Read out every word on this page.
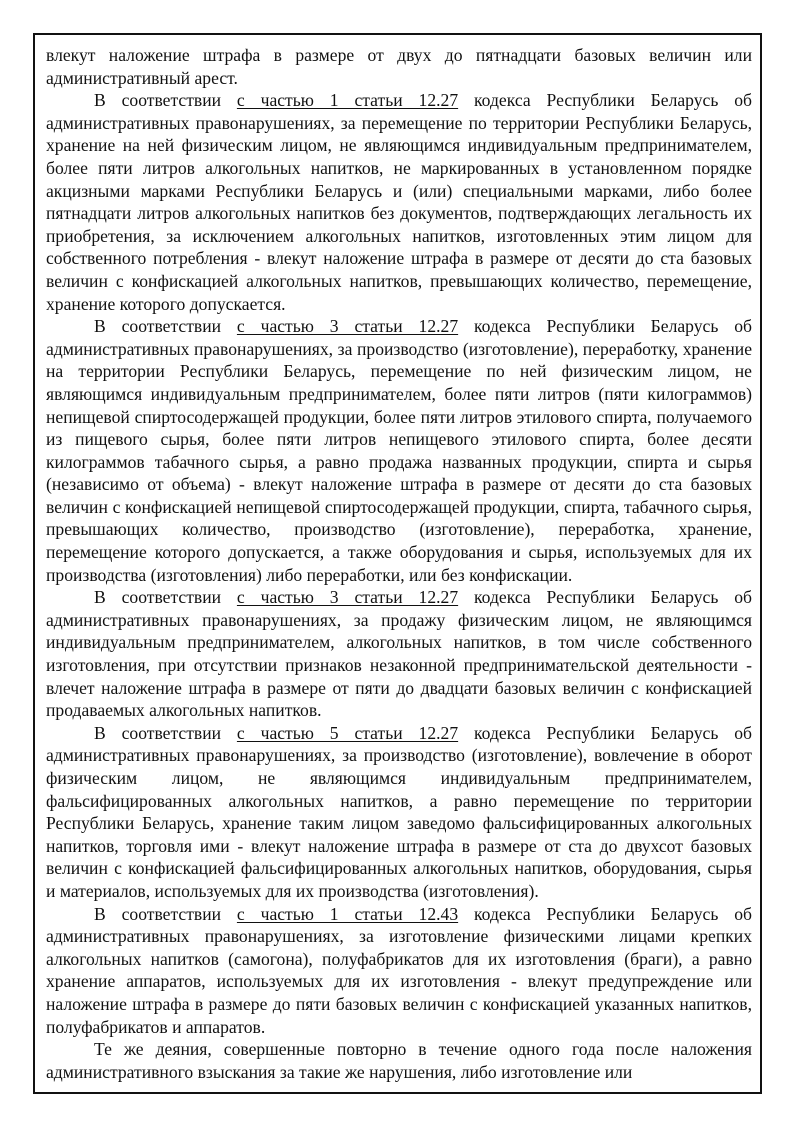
влекут наложение штрафа в размере от двух до пятнадцати базовых величин или административный арест.

В соответствии с частью 1 статьи 12.27 кодекса Республики Беларусь об административных правонарушениях, за перемещение по территории Республики Беларусь, хранение на ней физическим лицом, не являющимся индивидуальным предпринимателем, более пяти литров алкогольных напитков, не маркированных в установленном порядке акцизными марками Республики Беларусь и (или) специальными марками, либо более пятнадцати литров алкогольных напитков без документов, подтверждающих легальность их приобретения, за исключением алкогольных напитков, изготовленных этим лицом для собственного потребления - влекут наложение штрафа в размере от десяти до ста базовых величин с конфискацией алкогольных напитков, превышающих количество, перемещение, хранение которого допускается.

В соответствии с частью 3 статьи 12.27 кодекса Республики Беларусь об административных правонарушениях, за производство (изготовление), переработку, хранение на территории Республики Беларусь, перемещение по ней физическим лицом, не являющимся индивидуальным предпринимателем, более пяти литров (пяти килограммов) непищевой спиртосодержащей продукции, более пяти литров этилового спирта, получаемого из пищевого сырья, более пяти литров непищевого этилового спирта, более десяти килограммов табачного сырья, а равно продажа названных продукции, спирта и сырья (независимо от объема) - влекут наложение штрафа в размере от десяти до ста базовых величин с конфискацией непищевой спиртосодержащей продукции, спирта, табачного сырья, превышающих количество, производство (изготовление), переработка, хранение, перемещение которого допускается, а также оборудования и сырья, используемых для их производства (изготовления) либо переработки, или без конфискации.

В соответствии с частью 3 статьи 12.27 кодекса Республики Беларусь об административных правонарушениях, за продажу физическим лицом, не являющимся индивидуальным предпринимателем, алкогольных напитков, в том числе собственного изготовления, при отсутствии признаков незаконной предпринимательской деятельности - влечет наложение штрафа в размере от пяти до двадцати базовых величин с конфискацией продаваемых алкогольных напитков.

В соответствии с частью 5 статьи 12.27 кодекса Республики Беларусь об административных правонарушениях, за производство (изготовление), вовлечение в оборот физическим лицом, не являющимся индивидуальным предпринимателем, фальсифицированных алкогольных напитков, а равно перемещение по территории Республики Беларусь, хранение таким лицом заведомо фальсифицированных алкогольных напитков, торговля ими - влекут наложение штрафа в размере от ста до двухсот базовых величин с конфискацией фальсифицированных алкогольных напитков, оборудования, сырья и материалов, используемых для их производства (изготовления).

В соответствии с частью 1 статьи 12.43 кодекса Республики Беларусь об административных правонарушениях, за изготовление физическими лицами крепких алкогольных напитков (самогона), полуфабрикатов для их изготовления (браги), а равно хранение аппаратов, используемых для их изготовления - влекут предупреждение или наложение штрафа в размере до пяти базовых величин с конфискацией указанных напитков, полуфабрикатов и аппаратов.

Те же деяния, совершенные повторно в течение одного года после наложения административного взыскания за такие же нарушения, либо изготовление или
